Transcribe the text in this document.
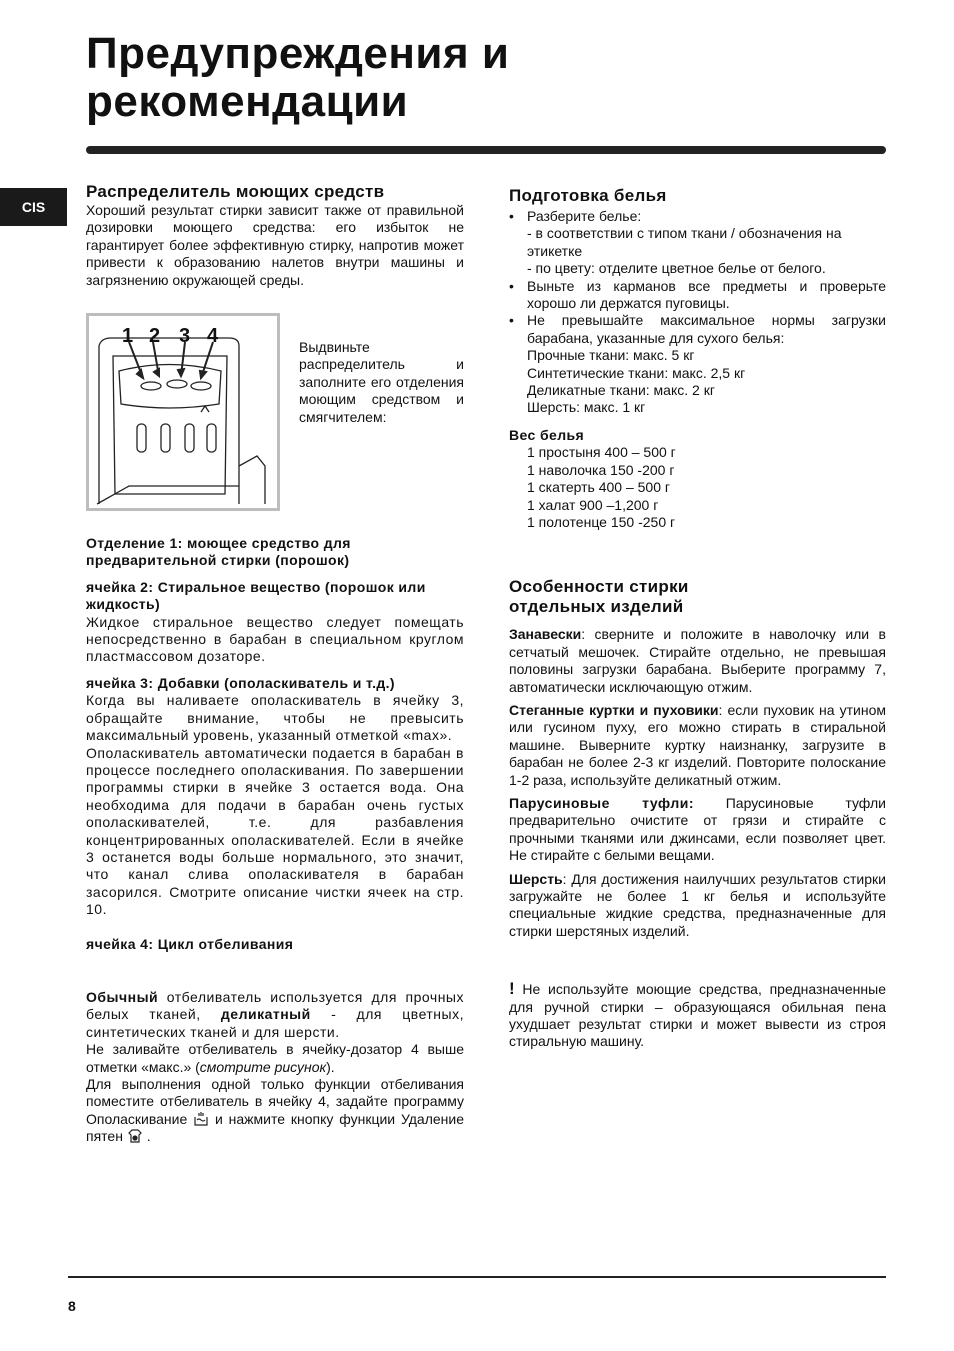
Предупреждения и
рекомендации
CIS
Распределитель моющих средств

Хороший результат стирки зависит также от правильной дозировки моющего средства: его избыток не гарантирует более эффективную стирку, напротив может привести к образованию налетов внутри машины и загрязнению окружающей среды.

1 2 3 4	Выдвиньте распределитель и заполните его отделения моющим средством и смягчителем:

Отделение 1: моющее средство для предварительной стирки (порошок)
ячейка 2: Стиральное вещество (порошок или жидкость)

Жидкое стиральное вещество следует помещать непосредственно в барабан в специальном круглом пластмассовом дозаторе.

ячейка 3: Добавки (ополаскиватель и т.д.)

Когда вы наливаете ополаскиватель в ячейку 3, обращайте внимание, чтобы не превысить максимальный уровень, указанный отметкой «max».

Ополаскиватель автоматически подается в барабан в процессе последнего ополаскивания. По завершении программы стирки в ячейке 3 остается вода. Она необходима для подачи в барабан очень густых ополаскивателей, т.е. для разбавления концентрированных ополаскивателей. Если в ячейке 3 останется воды больше нормального, это значит, что канал слива ополаскивателя в барабан засорился. Смотрите описание чистки ячеек на стр. 10.

ячейка 4: Цикл отбеливания

Обычный отбеливатель используется для прочных белых тканей, деликатный - для цветных, синтетических тканей и для шерсти.

Не заливайте отбеливатель в ячейку-дозатор 4 выше отметки «макс.» (смотрите рисунок).

Для выполнения одной только функции отбеливания поместите отбеливатель в ячейку 4, задайте программу Ополаскивание  и нажмите кнопку функции Удаление пятен  .

Подготовка белья
• Разберите белье:
- в соответствии с типом ткани / обозначения на этикетке
- по цвету: отделите цветное белье от белого.
• Выньте из карманов все предметы и проверьте хорошо ли держатся пуговицы.
• Не превышайте максимальное нормы загрузки барабана, указанные для сухого белья:
Прочные ткани: макс. 5 кг
Синтетические ткани: макс. 2,5 кг
Деликатные ткани: макс. 2 кг
Шерсть: макс. 1 кг
Вес белья
1 простыня 400 – 500 г
1 наволочка 150 -200 г
1 скатерть 400 – 500 г
1 халат 900 –1,200 г
1 полотенце 150 -250 г
Особенности стирки
отдельных изделий

Занавески: сверните и положите в наволочку или в сетчатый мешочек. Стирайте отдельно, не превышая половины загрузки барабана. Выберите программу 7, автоматически исключающую отжим.

Стеганные куртки и пуховики: если пуховик на утином или гусином пуху, его можно стирать в стиральной машине. Выверните куртку наизнанку, загрузите в барабан не более 2-3 кг изделий. Повторите полоскание 1-2 раза, используйте деликатный отжим.

Парусиновые туфли: Парусиновые туфли предварительно очистите от грязи и стирайте с прочными тканями или джинсами, если позволяет цвет. Не стирайте с белыми вещами.

Шерсть: Для достижения наилучших результатов стирки загружайте не более 1 кг белья и используйте специальные жидкие средства, предназначенные для стирки шерстяных изделий.

! Не используйте моющие средства, предназначенные для ручной стирки – образующаяся обильная пена ухудшает результат стирки и может вывести из строя стиральную машину.

8
